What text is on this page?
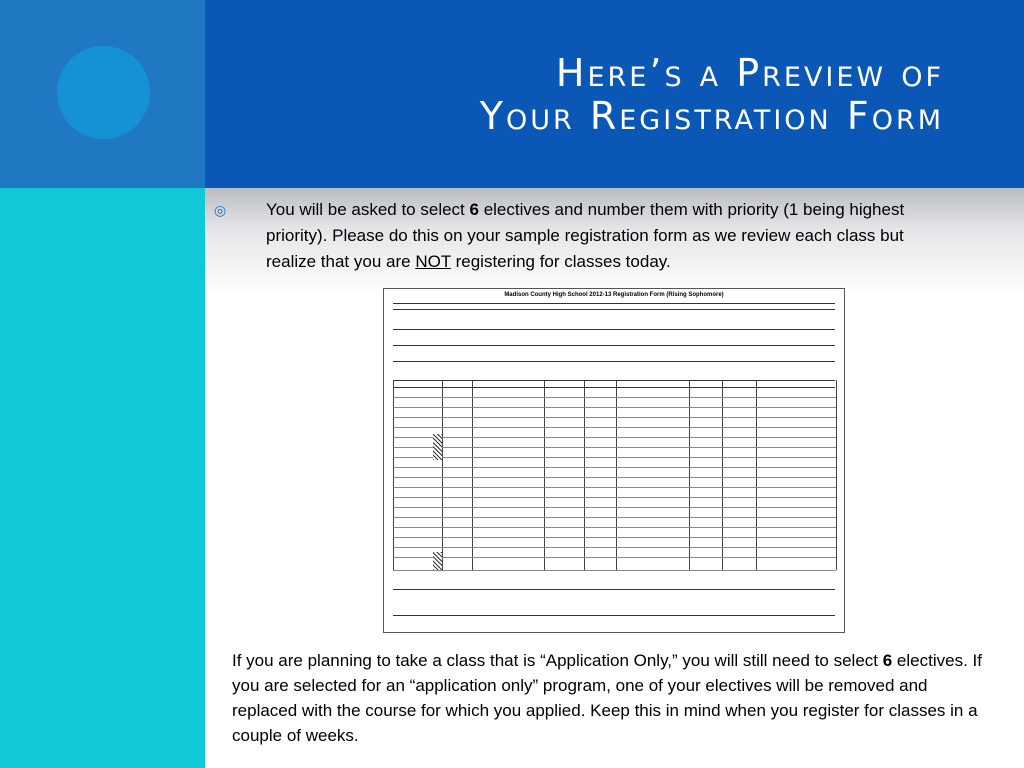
Here’s a Preview of
Your Registration Form
◎ You will be asked to select 6 electives and number them with priority (1 being highest priority). Please do this on your sample registration form as we review each class but realize that you are NOT registering for classes today.
Madison County High School 2012-13 Registration Form (Rising Sophomore)
If you are planning to take a class that is “Application Only,” you will still need to select 6 electives. If you are selected for an “application only” program, one of your electives will be removed and replaced with the course for which you applied. Keep this in mind when you register for classes in a couple of weeks.
